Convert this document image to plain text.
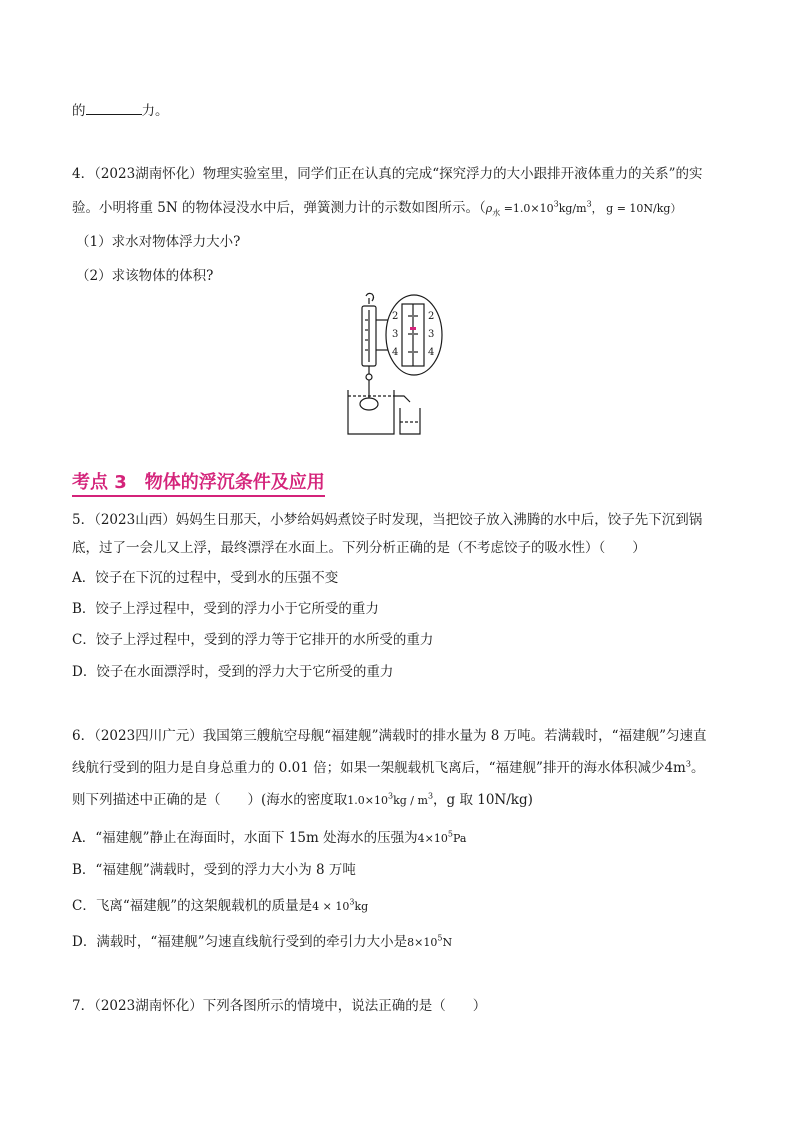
的	力。
4．（2023湖南怀化）物理实验室里，同学们正在认真的完成“探究浮力的大小跟排开液体重力的关系”的实
验。小明将重 5N 的物体浸没水中后，弹簧测力计的示数如图所示。（$\rho_水 =1.0\times 10^3kg/m^3$， g = 10N/kg）
（1）求水对物体浮力大小?
（2）求该物体的体积?
2
3
4
2
3
4
考点 3　物体的浮沉条件及应用
5．（2023山西）妈妈生日那天，小梦给妈妈煮饺子时发现，当把饺子放入沸腾的水中后，饺子先下沉到锅
底，过了一会儿又上浮，最终漂浮在水面上。下列分析正确的是（不考虑饺子的吸水性）（　　）
A．饺子在下沉的过程中，受到水的压强不变
B．饺子上浮过程中，受到的浮力小于它所受的重力
C．饺子上浮过程中，受到的浮力等于它排开的水所受的重力
D．饺子在水面漂浮时，受到的浮力大于它所受的重力
6．（2023四川广元）我国第三艘航空母舰“福建舰”满载时的排水量为 8 万吨。若满载时，“福建舰”匀速直
线航行受到的阻力是自身总重力的 0.01 倍；如果一架舰载机飞离后，“福建舰”排开的海水体积减少$4m^3$。
则下列描述中正确的是（　　）(海水的密度取$1.0\times 10^3kg / m^3$，g 取 10N/kg)
A．“福建舰”静止在海面时，水面下 15m 处海水的压强为$4\times 10^5Pa$
B．“福建舰”满载时，受到的浮力大小为 8 万吨
C．飞离“福建舰”的这架舰载机的质量是$4 \times 10^3kg$
D．满载时，“福建舰”匀速直线航行受到的牵引力大小是$8\times 10^5N$
7．（2023湖南怀化）下列各图所示的情境中，说法正确的是（　　）
